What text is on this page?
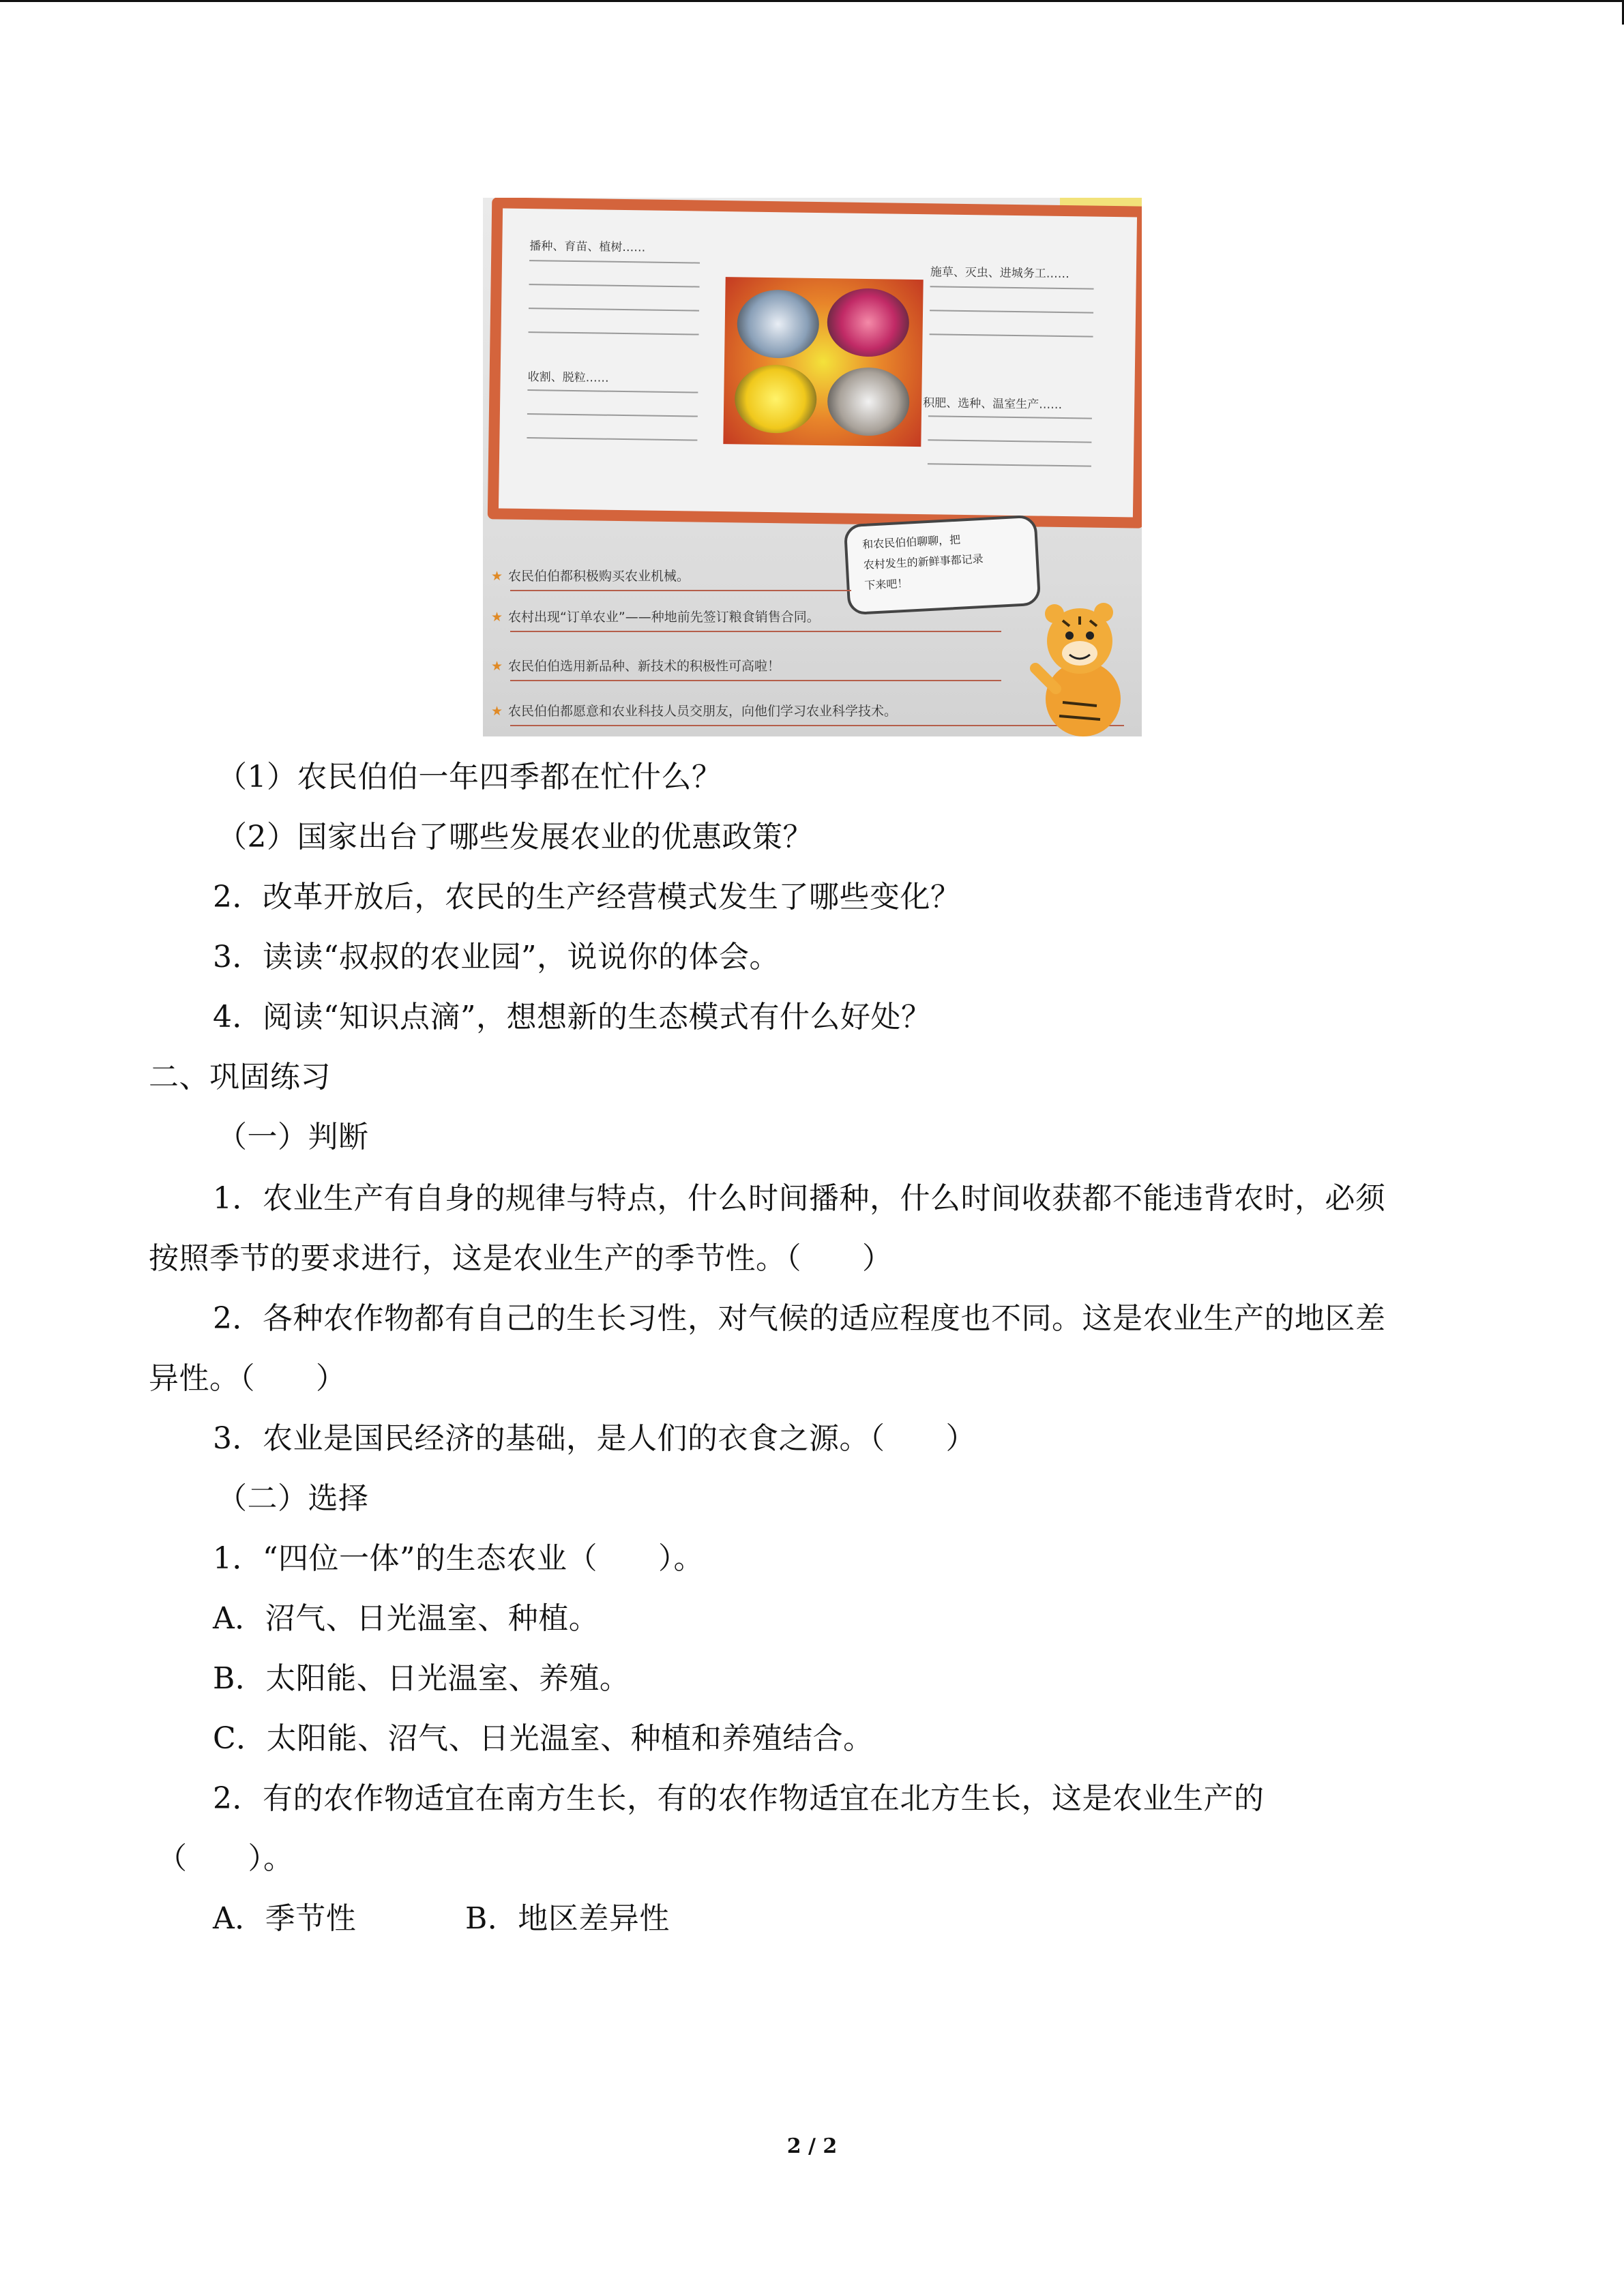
播种、育苗、植树……
施草、灭虫、进城务工……
收割、脱粒……
积肥、选种、温室生产……
和农民伯伯聊聊，把
农村发生的新鲜事都记录
下来吧！
★ 农民伯伯都积极购买农业机械。
★ 农村出现“订单农业”——种地前先签订粮食销售合同。
★ 农民伯伯选用新品种、新技术的积极性可高啦！
★ 农民伯伯都愿意和农业科技人员交朋友，向他们学习农业科学技术。
（1）农民伯伯一年四季都在忙什么？
（2）国家出台了哪些发展农业的优惠政策？
2．改革开放后，农民的生产经营模式发生了哪些变化？
3．读读“叔叔的农业园”，说说你的体会。
4．阅读“知识点滴”，想想新的生态模式有什么好处？
二、巩固练习
（一）判断
1．农业生产有自身的规律与特点，什么时间播种，什么时间收获都不能违背农时，必须
按照季节的要求进行，这是农业生产的季节性。（　　）
2．各种农作物都有自己的生长习性，对气候的适应程度也不同。这是农业生产的地区差
异性。（　　）
3．农业是国民经济的基础，是人们的衣食之源。（　　）
（二）选择
1．“四位一体”的生态农业（　　）。
A．沼气、日光温室、种植。
B．太阳能、日光温室、养殖。
C．太阳能、沼气、日光温室、种植和养殖结合。
2．有的农作物适宜在南方生长，有的农作物适宜在北方生长，这是农业生产的
（　　）。
A．季节性	B．地区差异性
2 / 2
